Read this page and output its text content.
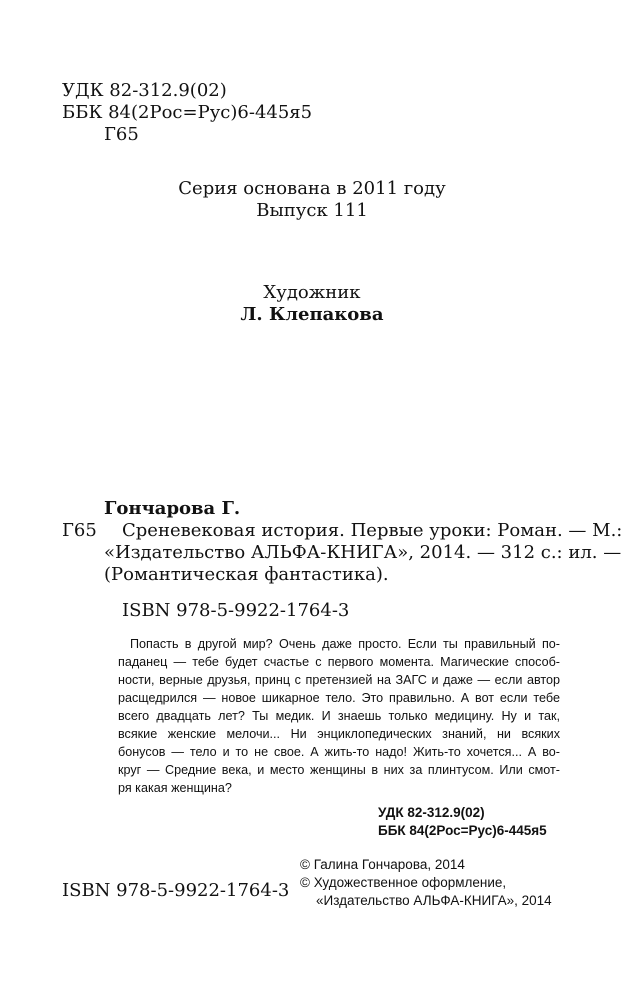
УДК 82-312.9(02)
ББК 84(2Рос=Рус)6-445я5
Г65
Серия основана в 2011 году
Выпуск 111
Художник
Л. Клепакова
Гончарова Г.
Г65 Сренeвековая история. Первые уроки: Роман. — М.:
«Издательство АЛЬФА-КНИГА», 2014. — 312 с.: ил. —
(Романтическая фантастика).
ISBN 978-5-9922-1764-3
Попасть в другой мир? Очень даже просто. Если ты правильный по-
паданец — тебе будет счастье с первого момента. Магические способ-
ности, верные друзья, принц с претензией на ЗАГС и даже — если автор
расщедрился — новое шикарное тело. Это правильно. А вот если тебе
всего двадцать лет? Ты медик. И знаешь только медицину. Ну и так,
всякие женские мелочи... Ни энциклопедических знаний, ни всяких
бонусов — тело и то не свое. А жить-то надо! Жить-то хочется... А во-
круг — Средние века, и место женщины в них за плинтусом. Или смот-
ря какая женщина?
УДК 82-312.9(02)
ББК 84(2Рос=Рус)6-445я5
ISBN 978-5-9922-1764-3
© Галина Гончарова, 2014
© Художественное оформление,
«Издательство АЛЬФА-КНИГА», 2014
